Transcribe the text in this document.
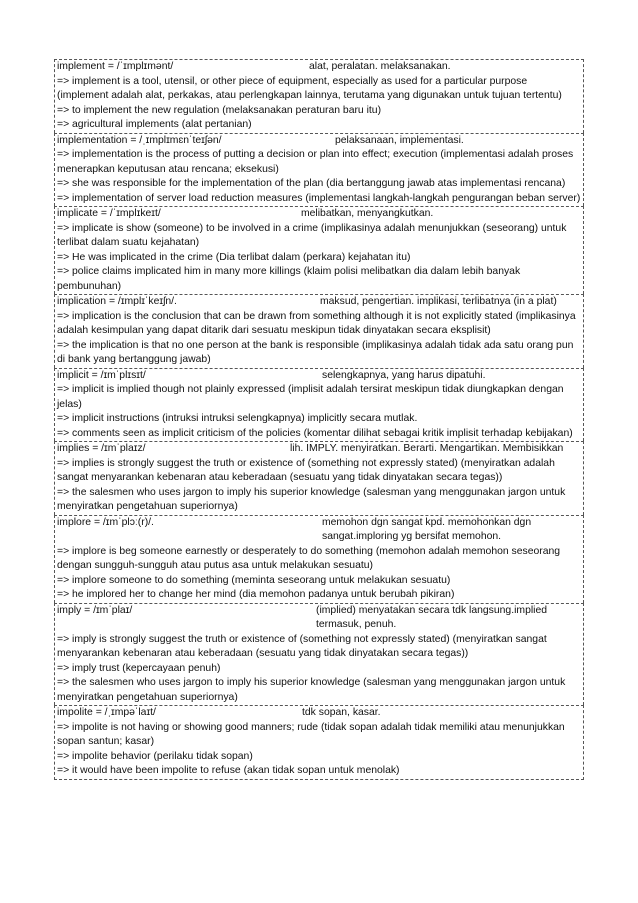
implement = /ˈɪmplɪmənt/	alat, peralatan. melaksanakan.
=> implement is a tool, utensil, or other piece of equipment, especially as used for a particular purpose (implement adalah alat, perkakas, atau perlengkapan lainnya, terutama yang digunakan untuk tujuan tertentu)
=> to implement the new regulation (melaksanakan peraturan baru itu)
=> agricultural implements (alat pertanian)
implementation = /ˌɪmplɪmɛnˈteɪʃən/	pelaksanaan, implementasi.
=> implementation is the process of putting a decision or plan into effect; execution (implementasi adalah proses menerapkan keputusan atau rencana; eksekusi)
=> she was responsible for the implementation of the plan (dia bertanggung jawab atas implementasi rencana)
=> implementation of server load reduction measures (implementasi langkah-langkah pengurangan beban server)
implicate = /ˈɪmplɪkeɪt/	melibatkan, menyangkutkan.
=> implicate is show (someone) to be involved in a crime (implikasinya adalah menunjukkan (seseorang) untuk terlibat dalam suatu kejahatan)
=> He was implicated in the crime (Dia terlibat dalam (perkara) kejahatan itu)
=> police claims implicated him in many more killings (klaim polisi melibatkan dia dalam lebih banyak pembunuhan)
implication = /ɪmplɪˈkeɪʃn/.	maksud, pengertian. implikasi, terlibatnya (in a plat)
=> implication is the conclusion that can be drawn from something although it is not explicitly stated (implikasinya adalah kesimpulan yang dapat ditarik dari sesuatu meskipun tidak dinyatakan secara eksplisit)
=> the implication is that no one person at the bank is responsible (implikasinya adalah tidak ada satu orang pun di bank yang bertanggung jawab)
implicit = /ɪmˈplɪsɪt/	selengkapnya, yang harus dipatuhi.
=> implicit is implied though not plainly expressed (implisit adalah tersirat meskipun tidak diungkapkan dengan jelas)
=> implicit instructions (intruksi intruksi selengkapnya) implicitly secara mutlak.
=> comments seen as implicit criticism of the policies (komentar dilihat sebagai kritik implisit terhadap kebijakan)
implies = /ɪmˈplaɪz/	lih. IMPLY. menyiratkan. Berarti. Mengartikan. Membisikkan
=> implies is strongly suggest the truth or existence of (something not expressly stated) (menyiratkan adalah sangat menyarankan kebenaran atau keberadaan (sesuatu yang tidak dinyatakan secara tegas))
=> the salesmen who uses jargon to imply his superior knowledge (salesman yang menggunakan jargon untuk menyiratkan pengetahuan superiornya)
implore = /ɪmˈplɔː(r)/.	memohon dgn sangat kpd. memohonkan dgn sangat.imploring yg bersifat memohon.
=> implore is beg someone earnestly or desperately to do something (memohon adalah memohon seseorang dengan sungguh-sungguh atau putus asa untuk melakukan sesuatu)
=> implore someone to do something (meminta seseorang untuk melakukan sesuatu)
=> he implored her to change her mind (dia memohon padanya untuk berubah pikiran)
imply = /ɪmˈplaɪ/	(implied) menyatakan secara tdk langsung.implied termasuk, penuh.
=> imply is strongly suggest the truth or existence of (something not expressly stated) (menyiratkan sangat menyarankan kebenaran atau keberadaan (sesuatu yang tidak dinyatakan secara tegas))
=> imply trust (kepercayaan penuh)
=> the salesmen who uses jargon to imply his superior knowledge (salesman yang menggunakan jargon untuk menyiratkan pengetahuan superiornya)
impolite = /ˌɪmpəˈlaɪt/	tdk sopan, kasar.
=> impolite is not having or showing good manners; rude (tidak sopan adalah tidak memiliki atau menunjukkan sopan santun; kasar)
=> impolite behavior (perilaku tidak sopan)
=> it would have been impolite to refuse (akan tidak sopan untuk menolak)
